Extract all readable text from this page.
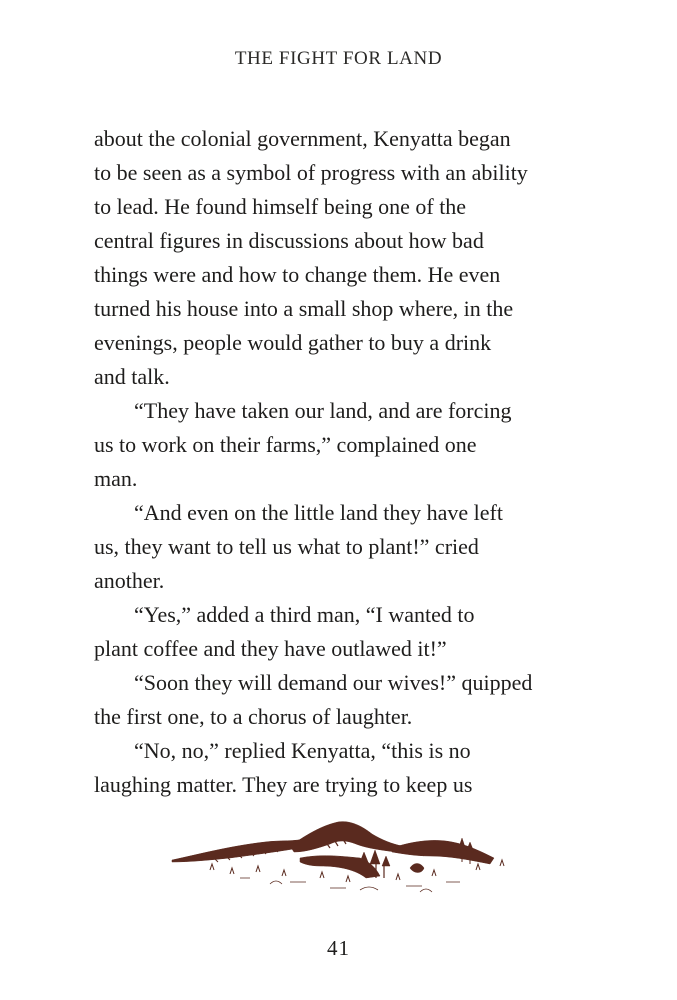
THE FIGHT FOR LAND
about the colonial government, Kenyatta began
to be seen as a symbol of progress with an ability
to lead. He found himself being one of the
central figures in discussions about how bad
things were and how to change them. He even
turned his house into a small shop where, in the
evenings, people would gather to buy a drink
and talk.
“They have taken our land, and are forcing
us to work on their farms,” complained one
man.
“And even on the little land they have left
us, they want to tell us what to plant!” cried
another.
“Yes,” added a third man, “I wanted to
plant coffee and they have outlawed it!”
“Soon they will demand our wives!” quipped
the first one, to a chorus of laughter.
“No, no,” replied Kenyatta, “this is no
laughing matter. They are trying to keep us
41
